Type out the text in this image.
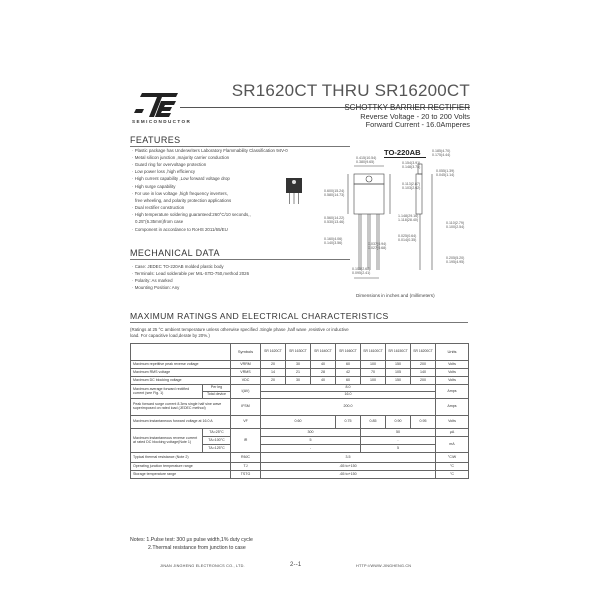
SEMICONDUCTOR
SR1620CT THRU SR16200CT
SCHOTTKY BARRIER RECTIFIER
Reverse Voltage - 20 to 200 Volts
Forward Current - 16.0Amperes
FEATURES
· Plastic package has Underwriters Laboratory Flammability Classification 94V-0
· Metal silicon junction ,majority carrier conduction
· Guard ring for overvoltage protection
· Low power loss ,high efficiency
· High current capability ,Low forward voltage drop
· High surge capability
· For use in low voltage ,high frequency inverters,
free wheeling, and polarity protection applications
· Dual rectifier construction
· High temperature soldering guaranteed:260°C/10 seconds,,
0.25"(6.35mm)from case
· Component in accordance to RoHS 2011/65/EU
TO-220AB
0.415(10.54)
0.380(9.65)	0.154(3.91)
0.148(3.74)
0.185(4.70)
0.175(4.44)
0.055(1.39)
0.045(1.14)
0.113(2.87)
0.103(2.62)
0.600(15.24)
0.580(14.73)
0.560(14.22)
0.530(13.46)
0.160(4.06)
0.140(3.56)
1.148(29.16)
1.118(28.40)
0.110(2.79)
0.100(2.54)
0.025(0.64)
0.014(0.35)
0.037(0.94)
0.027(0.68)
0.205(5.20)
0.195(4.95)
0.105(2.67)
0.095(2.41)
Dimensions in inches and (millimeters)
MECHANICAL DATA
· Case: JEDEC TO-220AB molded plastic body
· Terminals: Lead solderable per MIL-STD-750,method 2026
· Polarity: As marked
· Mounting Position: Any
MAXIMUM RATINGS AND ELECTRICAL CHARACTERISTICS
(Ratings at 25 °C ambient temperature unless otherwise specified .Single phase ,half wave ,resistive or inductive
load. For capacitive load,derate by 20%.)
		Symbols	SR 1620CT	SR 1630CT	SR 1640CT	SR 1660CT	SR 16100CT	SR 16150CT	SR 16200CT	Units
Maximum repetitive peak reverse voltage		VRRM	20	30	40	60	100	150	200	Volts
Maximum RMS voltage		VRMS	14	21	28	42	70	105	140	Volts
Maximum DC blocking voltage		VDC	20	30	40	60	100	150	200	Volts
Maximum average forward rectified current (see Fig. 1)	Per leg	I(AV)	8.0							Amps
	Total device		16.0							
Peak forward surge current 8.3ms single half sine wave superimposed on rated load (JEDEC method)		IFSM	200.0							Amps
Maximum instantaneous forward voltage at 16.0 A		VF	0.60			0.75	0.85	0.90	0.95	Volts
Maximum instantaneous reverse current at rated DC blocking voltage(Note 1)	TA=25°C	IR	300				50			μA
	TA=100°C		5				-			mA
	TA=125°C		-				5			
Typical thermal resistance (Note 2)		RθJC	3.5							°C/W
Operating junction temperature range		TJ	-65 to+150							°C
Storage temperature range		TSTG	-65 to+150							°C
Notes: 1.Pulse test: 300 μs pulse width,1% duty cycle
2.Thermal resistance from junction to case
JINAN JINGHENG ELECTRONICS CO., LTD.	2--1	HTTP://WWW.JINGHENG.CN
